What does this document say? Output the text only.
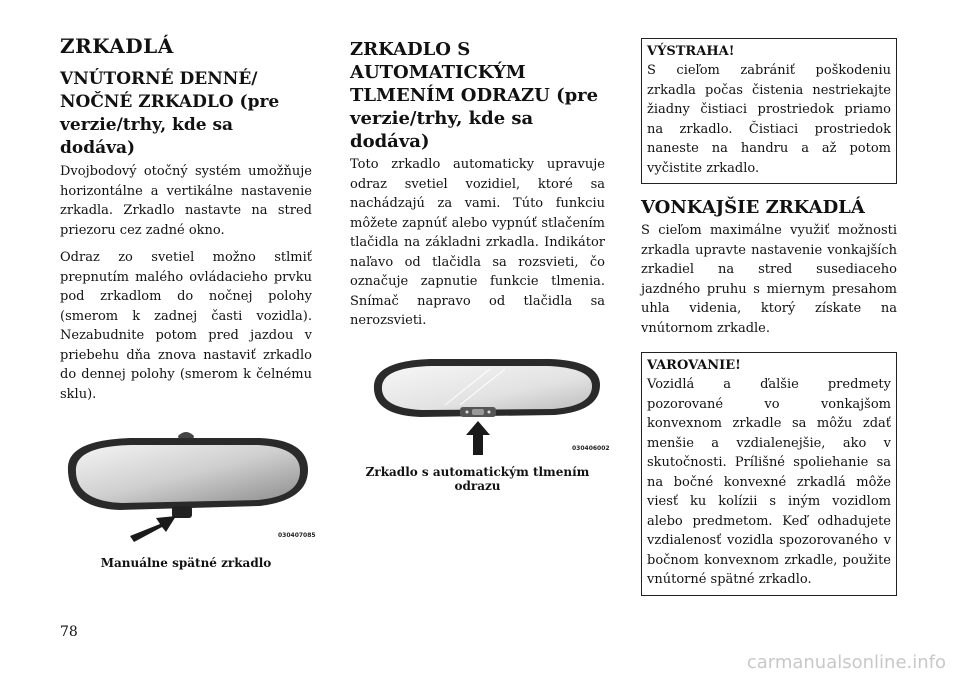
ZRKADLÁ
VNÚTORNÉ DENNÉ/ NOČNÉ ZRKADLO (pre verzie/trhy, kde sa dodáva)

Dvojbodový otočný systém umožňuje horizontálne a vertikálne nastavenie zrkadla. Zrkadlo nastavte na stred priezoru cez zadné okno.

Odraz zo svetiel možno stlmiť prepnutím malého ovládacieho prvku pod zrkadlom do nočnej polohy (smerom k zadnej časti vozidla). Nezabudnite potom pred jazdou v priebehu dňa znova nastaviť zrkadlo do dennej polohy (smerom k čelnému sklu).

030407085
Manuálne spätné zrkadlo
ZRKADLO S AUTOMATICKÝM TLMENÍM ODRAZU (pre verzie/trhy, kde sa dodáva)

Toto zrkadlo automaticky upravuje odraz svetiel vozidiel, ktoré sa nachádzajú za vami. Túto funkciu môžete zapnúť alebo vypnúť stlačením tlačidla na základni zrkadla. Indikátor naľavo od tlačidla sa rozsvieti, čo označuje zapnutie funkcie tlmenia. Snímač napravo od tlačidla sa nerozsvieti.

030406002
Zrkadlo s automatickým tlmením odrazu
VÝSTRAHA!

S cieľom zabrániť poškodeniu zrkadla počas čistenia nestriekajte žiadny čistiaci prostriedok priamo na zrkadlo. Čistiaci prostriedok naneste na handru a až potom vyčistite zrkadlo.

VONKAJŠIE ZRKADLÁ

S cieľom maximálne využiť možnosti zrkadla upravte nastavenie vonkajších zrkadiel na stred susediaceho jazdného pruhu s miernym presahom uhla videnia, ktorý získate na vnútornom zrkadle.

VAROVANIE!

Vozidlá a ďalšie predmety pozorované vo vonkajšom konvexnom zrkadle sa môžu zdať menšie a vzdialenejšie, ako v skutočnosti. Prílišné spoliehanie sa na bočné konvexné zrkadlá môže viesť ku kolízii s iným vozidlom alebo predmetom. Keď odhadujete vzdialenosť vozidla spozorovaného v bočnom konvexnom zrkadle, použite vnútorné spätné zrkadlo.

78
carmanualsonline.info
